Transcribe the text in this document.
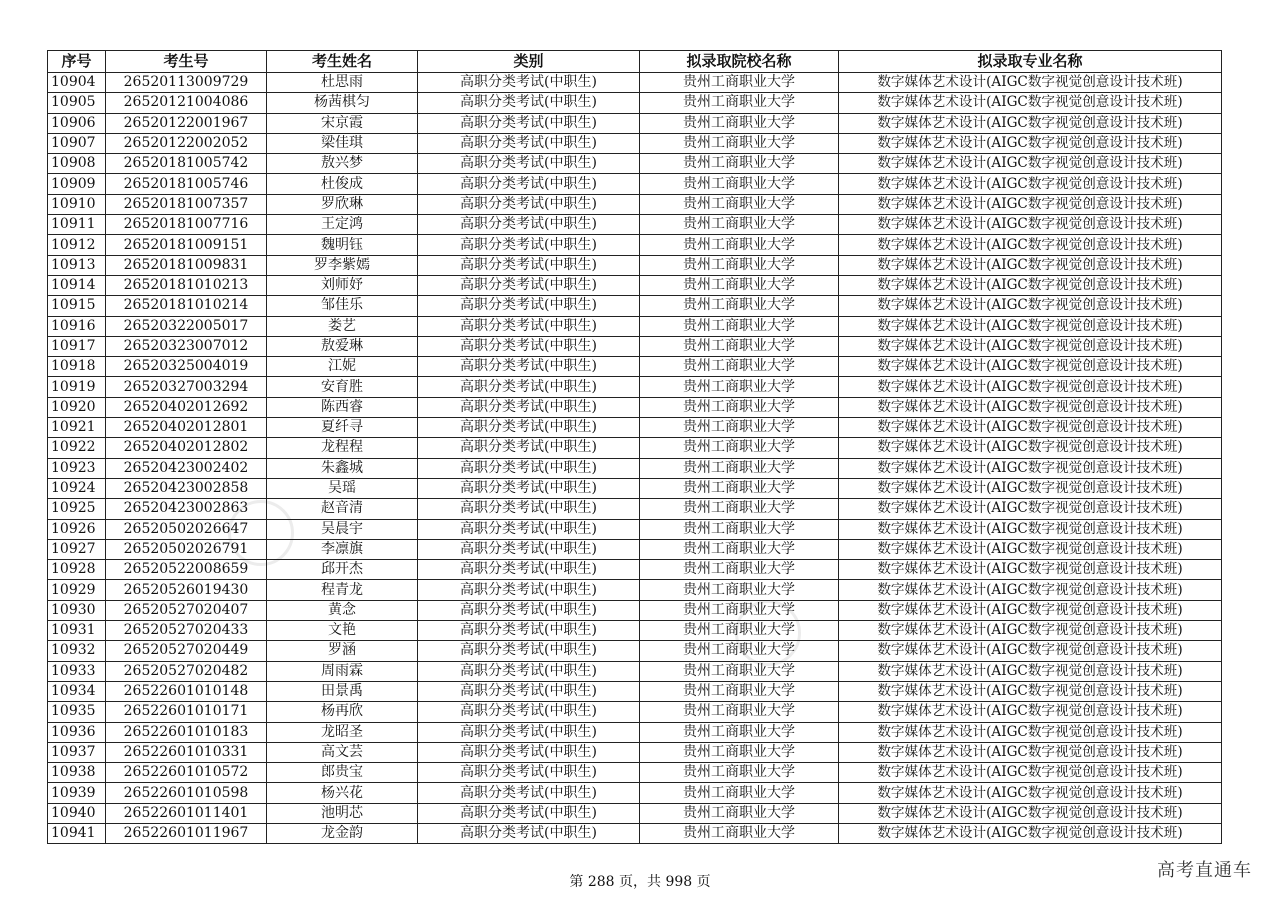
序号	考生号	考生姓名	类别	拟录取院校名称	拟录取专业名称
10904	26520113009729	杜思雨	高职分类考试(中职生)	贵州工商职业大学	数字媒体艺术设计(AIGC数字视觉创意设计技术班)
10905	26520121004086	杨茜棋匀	高职分类考试(中职生)	贵州工商职业大学	数字媒体艺术设计(AIGC数字视觉创意设计技术班)
10906	26520122001967	宋京霞	高职分类考试(中职生)	贵州工商职业大学	数字媒体艺术设计(AIGC数字视觉创意设计技术班)
10907	26520122002052	梁佳琪	高职分类考试(中职生)	贵州工商职业大学	数字媒体艺术设计(AIGC数字视觉创意设计技术班)
10908	26520181005742	敖兴梦	高职分类考试(中职生)	贵州工商职业大学	数字媒体艺术设计(AIGC数字视觉创意设计技术班)
10909	26520181005746	杜俊成	高职分类考试(中职生)	贵州工商职业大学	数字媒体艺术设计(AIGC数字视觉创意设计技术班)
10910	26520181007357	罗欣琳	高职分类考试(中职生)	贵州工商职业大学	数字媒体艺术设计(AIGC数字视觉创意设计技术班)
10911	26520181007716	王定鸿	高职分类考试(中职生)	贵州工商职业大学	数字媒体艺术设计(AIGC数字视觉创意设计技术班)
10912	26520181009151	魏明钰	高职分类考试(中职生)	贵州工商职业大学	数字媒体艺术设计(AIGC数字视觉创意设计技术班)
10913	26520181009831	罗李紫嫣	高职分类考试(中职生)	贵州工商职业大学	数字媒体艺术设计(AIGC数字视觉创意设计技术班)
10914	26520181010213	刘师妤	高职分类考试(中职生)	贵州工商职业大学	数字媒体艺术设计(AIGC数字视觉创意设计技术班)
10915	26520181010214	邹佳乐	高职分类考试(中职生)	贵州工商职业大学	数字媒体艺术设计(AIGC数字视觉创意设计技术班)
10916	26520322005017	娄艺	高职分类考试(中职生)	贵州工商职业大学	数字媒体艺术设计(AIGC数字视觉创意设计技术班)
10917	26520323007012	敖爱琳	高职分类考试(中职生)	贵州工商职业大学	数字媒体艺术设计(AIGC数字视觉创意设计技术班)
10918	26520325004019	江妮	高职分类考试(中职生)	贵州工商职业大学	数字媒体艺术设计(AIGC数字视觉创意设计技术班)
10919	26520327003294	安育胜	高职分类考试(中职生)	贵州工商职业大学	数字媒体艺术设计(AIGC数字视觉创意设计技术班)
10920	26520402012692	陈西睿	高职分类考试(中职生)	贵州工商职业大学	数字媒体艺术设计(AIGC数字视觉创意设计技术班)
10921	26520402012801	夏纤寻	高职分类考试(中职生)	贵州工商职业大学	数字媒体艺术设计(AIGC数字视觉创意设计技术班)
10922	26520402012802	龙程程	高职分类考试(中职生)	贵州工商职业大学	数字媒体艺术设计(AIGC数字视觉创意设计技术班)
10923	26520423002402	朱鑫城	高职分类考试(中职生)	贵州工商职业大学	数字媒体艺术设计(AIGC数字视觉创意设计技术班)
10924	26520423002858	吴瑶	高职分类考试(中职生)	贵州工商职业大学	数字媒体艺术设计(AIGC数字视觉创意设计技术班)
10925	26520423002863	赵音清	高职分类考试(中职生)	贵州工商职业大学	数字媒体艺术设计(AIGC数字视觉创意设计技术班)
10926	26520502026647	吴晨宇	高职分类考试(中职生)	贵州工商职业大学	数字媒体艺术设计(AIGC数字视觉创意设计技术班)
10927	26520502026791	李凛旗	高职分类考试(中职生)	贵州工商职业大学	数字媒体艺术设计(AIGC数字视觉创意设计技术班)
10928	26520522008659	邱开杰	高职分类考试(中职生)	贵州工商职业大学	数字媒体艺术设计(AIGC数字视觉创意设计技术班)
10929	26520526019430	程青龙	高职分类考试(中职生)	贵州工商职业大学	数字媒体艺术设计(AIGC数字视觉创意设计技术班)
10930	26520527020407	黄念	高职分类考试(中职生)	贵州工商职业大学	数字媒体艺术设计(AIGC数字视觉创意设计技术班)
10931	26520527020433	文艳	高职分类考试(中职生)	贵州工商职业大学	数字媒体艺术设计(AIGC数字视觉创意设计技术班)
10932	26520527020449	罗涵	高职分类考试(中职生)	贵州工商职业大学	数字媒体艺术设计(AIGC数字视觉创意设计技术班)
10933	26520527020482	周雨霖	高职分类考试(中职生)	贵州工商职业大学	数字媒体艺术设计(AIGC数字视觉创意设计技术班)
10934	26522601010148	田景禹	高职分类考试(中职生)	贵州工商职业大学	数字媒体艺术设计(AIGC数字视觉创意设计技术班)
10935	26522601010171	杨再欣	高职分类考试(中职生)	贵州工商职业大学	数字媒体艺术设计(AIGC数字视觉创意设计技术班)
10936	26522601010183	龙昭圣	高职分类考试(中职生)	贵州工商职业大学	数字媒体艺术设计(AIGC数字视觉创意设计技术班)
10937	26522601010331	高文芸	高职分类考试(中职生)	贵州工商职业大学	数字媒体艺术设计(AIGC数字视觉创意设计技术班)
10938	26522601010572	郎贵宝	高职分类考试(中职生)	贵州工商职业大学	数字媒体艺术设计(AIGC数字视觉创意设计技术班)
10939	26522601010598	杨兴花	高职分类考试(中职生)	贵州工商职业大学	数字媒体艺术设计(AIGC数字视觉创意设计技术班)
10940	26522601011401	池明芯	高职分类考试(中职生)	贵州工商职业大学	数字媒体艺术设计(AIGC数字视觉创意设计技术班)
10941	26522601011967	龙金韵	高职分类考试(中职生)	贵州工商职业大学	数字媒体艺术设计(AIGC数字视觉创意设计技术班)
第 288 页，共 998 页
高考直通车
